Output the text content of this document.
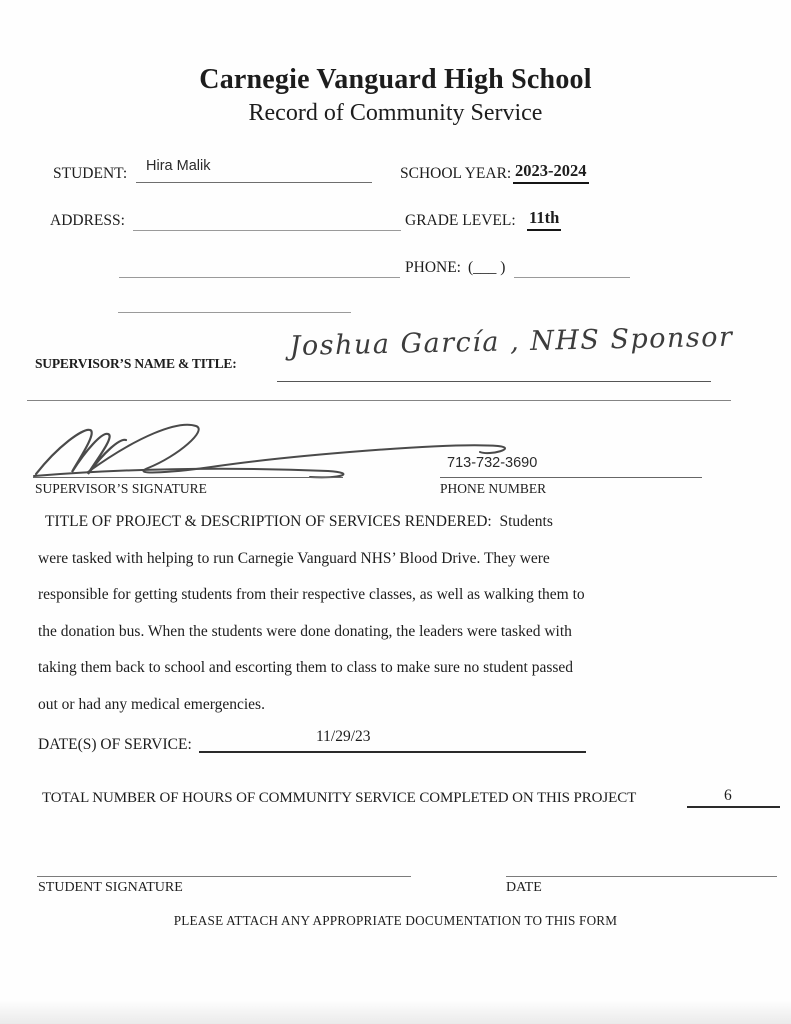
Carnegie Vanguard High School
Record of Community Service
STUDENT: Hira Malik	SCHOOL YEAR: 2023-2024
ADDRESS:	GRADE LEVEL: 11th
PHONE: (___ )
SUPERVISOR’S NAME & TITLE:
Joshua García , NHS Sponsor
SUPERVISOR’S SIGNATURE
713-732-3690
PHONE NUMBER
TITLE OF PROJECT & DESCRIPTION OF SERVICES RENDERED:  Students
were tasked with helping to run Carnegie Vanguard NHS’ Blood Drive. They were
responsible for getting students from their respective classes, as well as walking them to
the donation bus. When the students were done donating, the leaders were tasked with
taking them back to school and escorting them to class to make sure no student passed
out or had any medical emergencies.
DATE(S) OF SERVICE:	11/29/23
TOTAL NUMBER OF HOURS OF COMMUNITY SERVICE COMPLETED ON THIS PROJECT	6
STUDENT SIGNATURE	DATE
PLEASE ATTACH ANY APPROPRIATE DOCUMENTATION TO THIS FORM
